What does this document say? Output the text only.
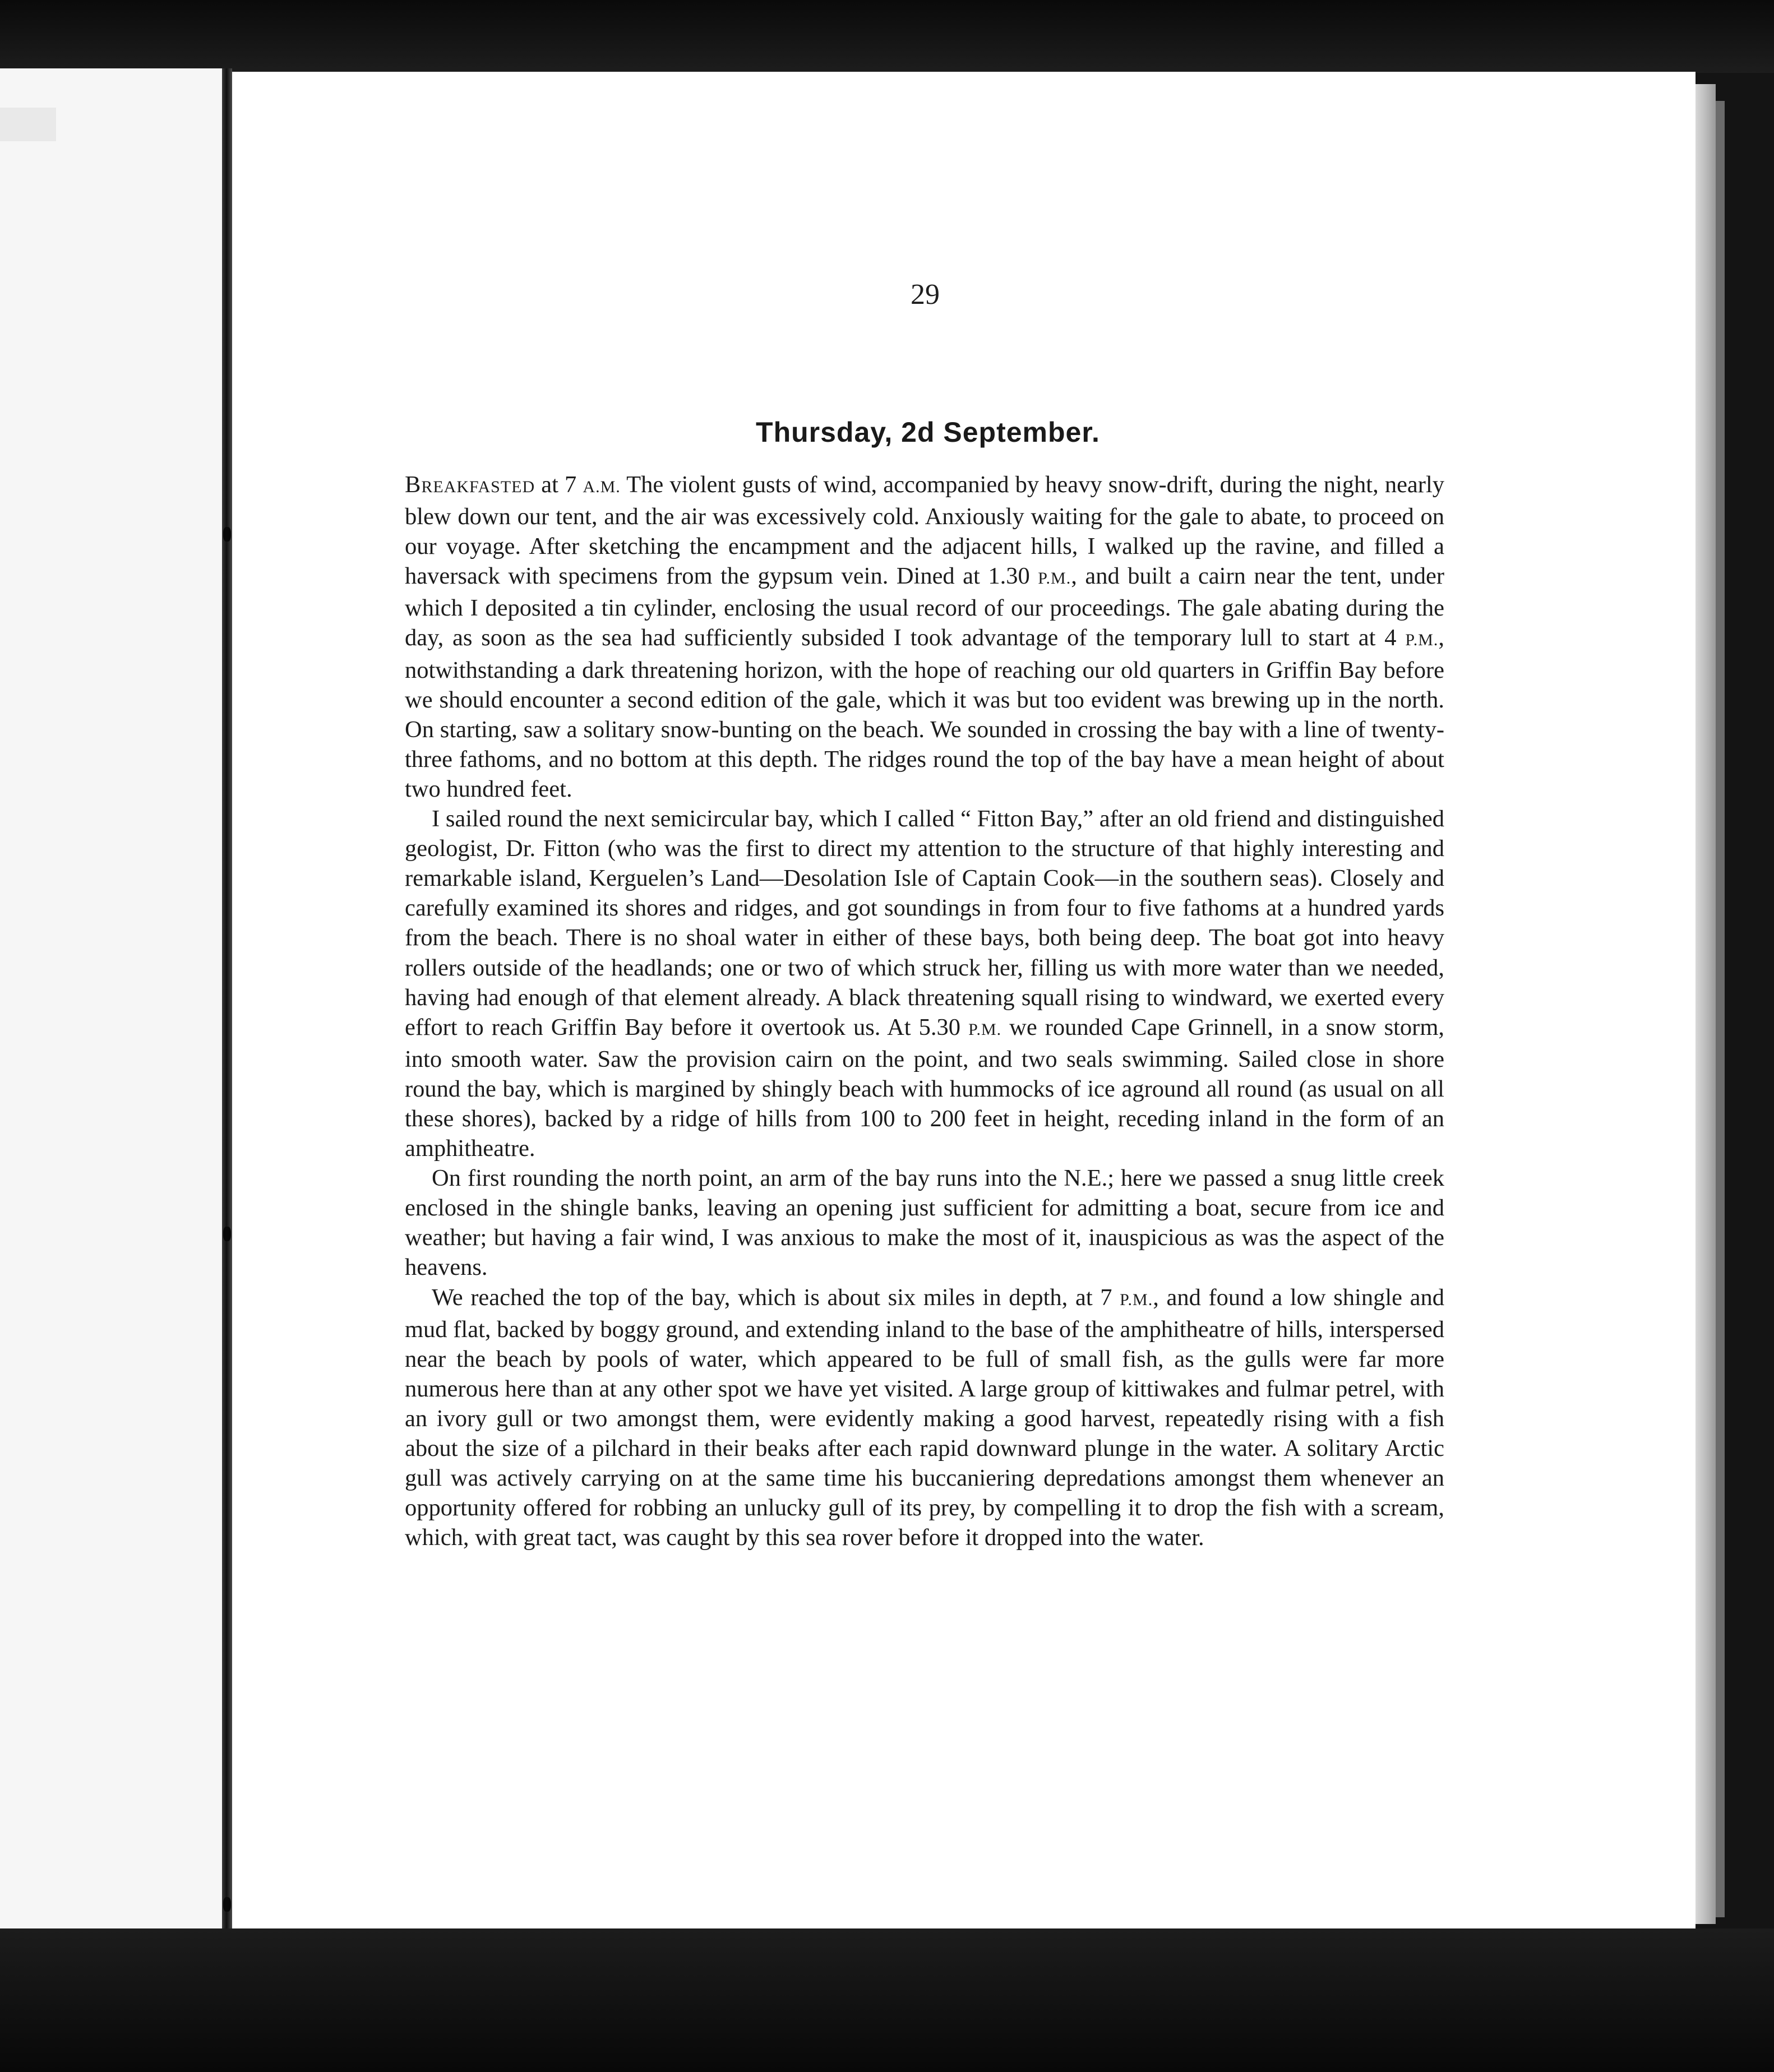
29
Thursday, 2d September.

Breakfasted at 7 A.M. The violent gusts of wind, accompanied by heavy snow-drift, during the night, nearly blew down our tent, and the air was excessively cold. Anxiously waiting for the gale to abate, to proceed on our voyage. After sketching the encampment and the adjacent hills, I walked up the ravine, and filled a haversack with specimens from the gypsum vein. Dined at 1.30 P.M., and built a cairn near the tent, under which I deposited a tin cylinder, enclosing the usual record of our proceedings. The gale abating during the day, as soon as the sea had sufficiently subsided I took advantage of the temporary lull to start at 4 P.M., notwithstanding a dark threatening horizon, with the hope of reaching our old quarters in Griffin Bay before we should encounter a second edition of the gale, which it was but too evident was brewing up in the north. On starting, saw a solitary snow-bunting on the beach. We sounded in crossing the bay with a line of twenty-three fathoms, and no bottom at this depth. The ridges round the top of the bay have a mean height of about two hundred feet.

I sailed round the next semicircular bay, which I called “ Fitton Bay,” after an old friend and distinguished geologist, Dr. Fitton (who was the first to direct my attention to the structure of that highly interesting and remarkable island, Kerguelen’s Land—Desolation Isle of Captain Cook—in the southern seas). Closely and carefully examined its shores and ridges, and got soundings in from four to five fathoms at a hundred yards from the beach. There is no shoal water in either of these bays, both being deep. The boat got into heavy rollers outside of the headlands; one or two of which struck her, filling us with more water than we needed, having had enough of that element already. A black threatening squall rising to windward, we exerted every effort to reach Griffin Bay before it overtook us. At 5.30 P.M. we rounded Cape Grinnell, in a snow storm, into smooth water. Saw the provision cairn on the point, and two seals swimming. Sailed close in shore round the bay, which is margined by shingly beach with hummocks of ice aground all round (as usual on all these shores), backed by a ridge of hills from 100 to 200 feet in height, receding inland in the form of an amphitheatre.

On first rounding the north point, an arm of the bay runs into the N.E.; here we passed a snug little creek enclosed in the shingle banks, leaving an opening just sufficient for admitting a boat, secure from ice and weather; but having a fair wind, I was anxious to make the most of it, inauspicious as was the aspect of the heavens.

We reached the top of the bay, which is about six miles in depth, at 7 P.M., and found a low shingle and mud flat, backed by boggy ground, and extending inland to the base of the amphitheatre of hills, interspersed near the beach by pools of water, which appeared to be full of small fish, as the gulls were far more numerous here than at any other spot we have yet visited. A large group of kittiwakes and fulmar petrel, with an ivory gull or two amongst them, were evidently making a good harvest, repeatedly rising with a fish about the size of a pilchard in their beaks after each rapid downward plunge in the water. A solitary Arctic gull was actively carrying on at the same time his buccaniering depredations amongst them whenever an opportunity offered for robbing an unlucky gull of its prey, by compelling it to drop the fish with a scream, which, with great tact, was caught by this sea rover before it dropped into the water.
